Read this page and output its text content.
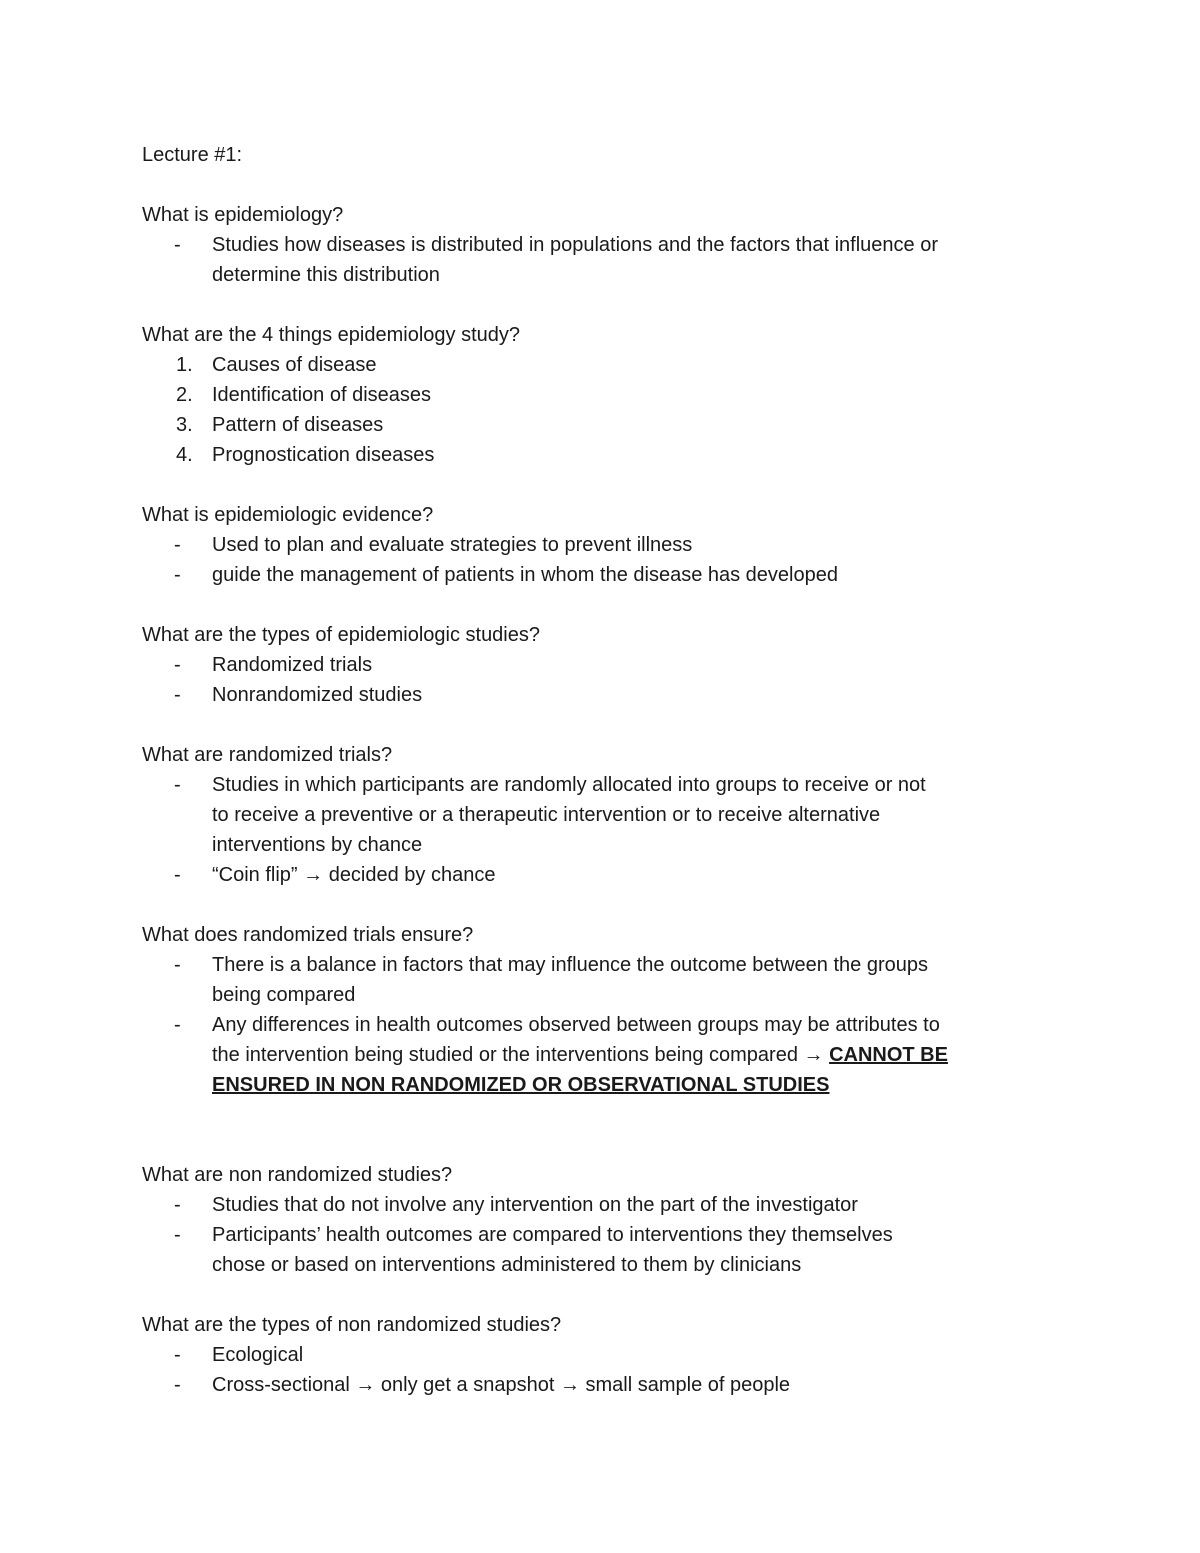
Lecture #1:
What is epidemiology?
- Studies how diseases is distributed in populations and the factors that influence or
determine this distribution
What are the 4 things epidemiology study?
1. Causes of disease
2. Identification of diseases
3. Pattern of diseases
4. Prognostication diseases
What is epidemiologic evidence?
- Used to plan and evaluate strategies to prevent illness
- guide the management of patients in whom the disease has developed
What are the types of epidemiologic studies?
- Randomized trials
- Nonrandomized studies
What are randomized trials?
- Studies in which participants are randomly allocated into groups to receive or not
to receive a preventive or a therapeutic intervention or to receive alternative
interventions by chance
- “Coin flip” → decided by chance
What does randomized trials ensure?
- There is a balance in factors that may influence the outcome between the groups
being compared
- Any differences in health outcomes observed between groups may be attributes to
the intervention being studied or the interventions being compared → CANNOT BE
ENSURED IN NON RANDOMIZED OR OBSERVATIONAL STUDIES
What are non randomized studies?
- Studies that do not involve any intervention on the part of the investigator
- Participants’ health outcomes are compared to interventions they themselves
chose or based on interventions administered to them by clinicians
What are the types of non randomized studies?
- Ecological
- Cross-sectional → only get a snapshot → small sample of people
